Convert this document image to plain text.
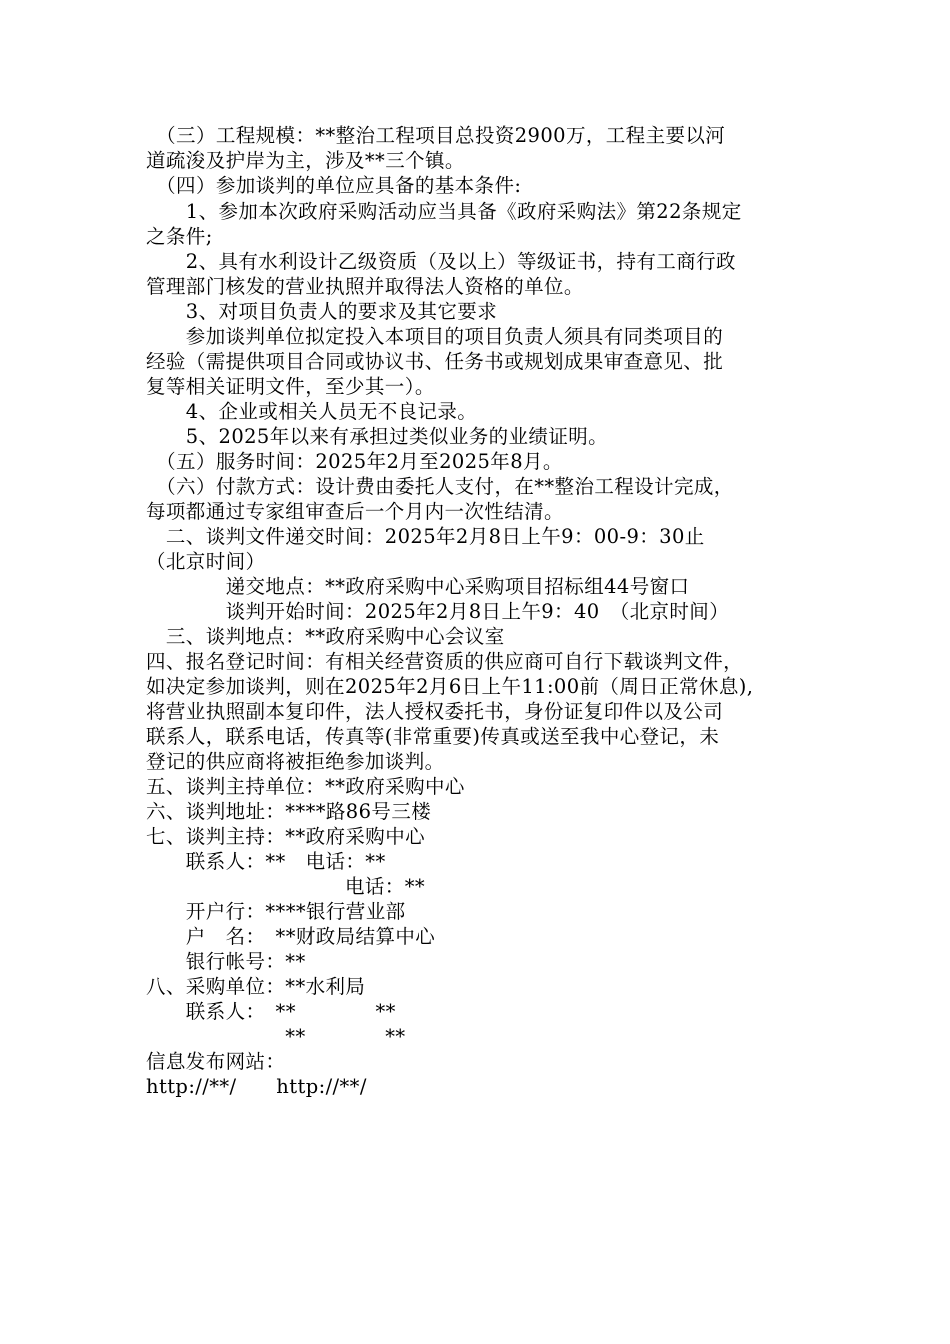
　（三）工程规模：**整治工程项目总投资2900万，工程主要以河
道疏浚及护岸为主，涉及**三个镇。
　（四）参加谈判的单位应具备的基本条件:
　　1、参加本次政府采购活动应当具备《政府采购法》第22条规定
之条件;
　　2、具有水利设计乙级资质（及以上）等级证书，持有工商行政
管理部门核发的营业执照并取得法人资格的单位。
　　3、对项目负责人的要求及其它要求
　　参加谈判单位拟定投入本项目的项目负责人须具有同类项目的
经验（需提供项目合同或协议书、任务书或规划成果审查意见、批
复等相关证明文件，至少其一）。
　　4、企业或相关人员无不良记录。
　　5、2025年以来有承担过类似业务的业绩证明。
　（五）服务时间：2025年2月至2025年8月。
　（六）付款方式：设计费由委托人支付，在**整治工程设计完成，
每项都通过专家组审查后一个月内一次性结清。
　二、谈判文件递交时间：2025年2月8日上午9：00-9：30止
（北京时间）
　　　　递交地点：**政府采购中心采购项目招标组44号窗口
　　　　谈判开始时间：2025年2月8日上午9：40　（北京时间）
　三、谈判地点：**政府采购中心会议室
四、报名登记时间：有相关经营资质的供应商可自行下载谈判文件，
如决定参加谈判，则在2025年2月6日上午11:00前（周日正常休息),
将营业执照副本复印件，法人授权委托书，身份证复印件以及公司
联系人，联系电话，传真等(非常重要)传真或送至我中心登记，未
登记的供应商将被拒绝参加谈判。
五、谈判主持单位：**政府采购中心
六、谈判地址：****路86号三楼
七、谈判主持：**政府采购中心
　　联系人：**　电话：**
　　　　　　　　　　电话：**
　　开户行：****银行营业部
　　户　名：　**财政局结算中心
　　银行帐号：**
八、采购单位：**水利局
　　联系人：　**　　　　**
　　　　　　　**　　　　**
信息发布网站：
http://**/　　http://**/
